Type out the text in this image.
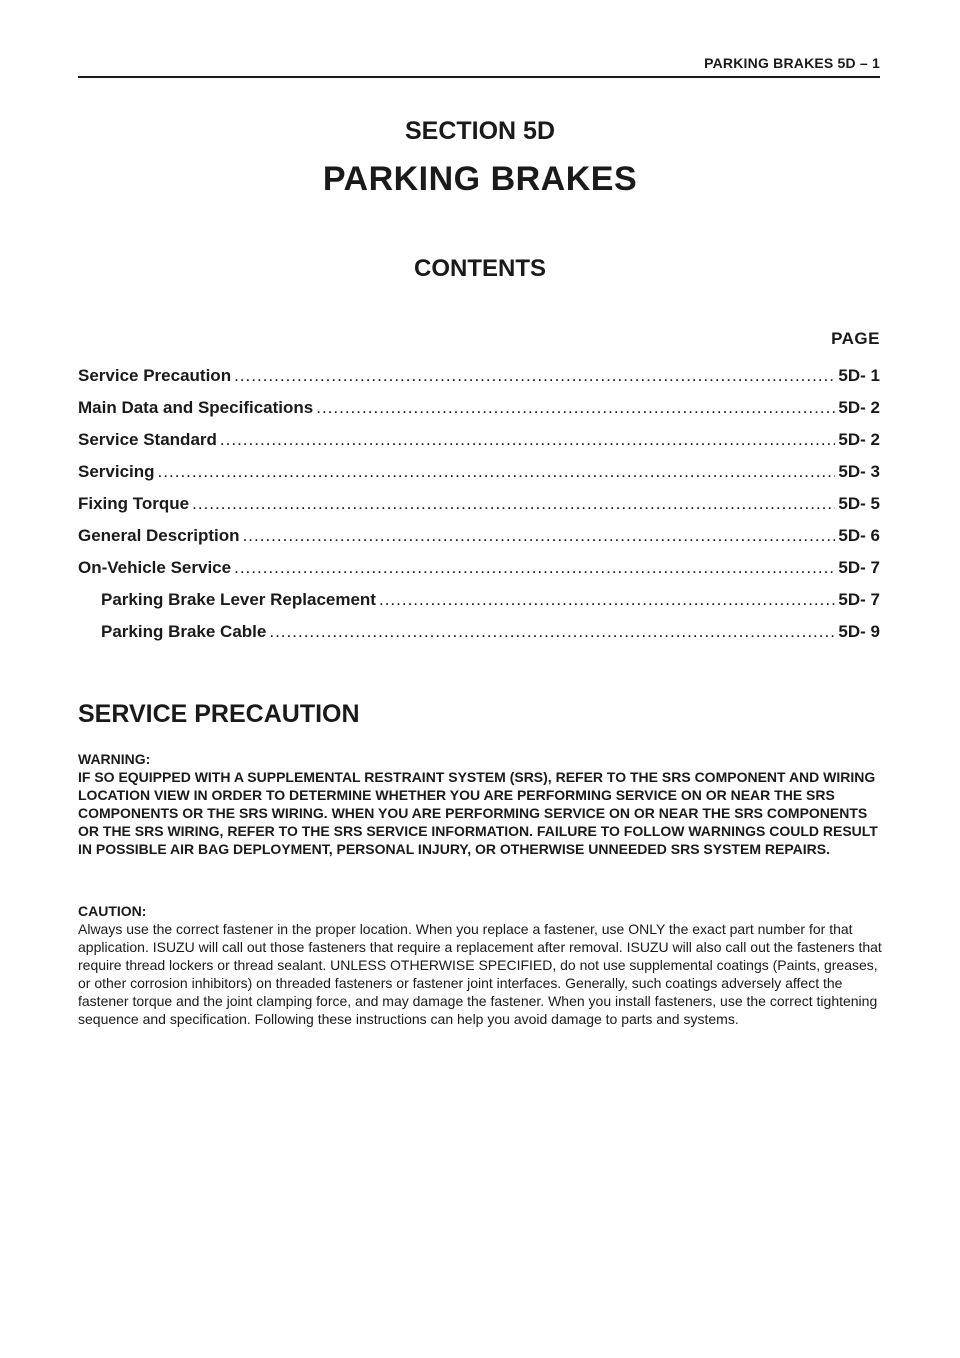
PARKING BRAKES 5D – 1
SECTION 5D
PARKING BRAKES
CONTENTS
PAGE
Service Precaution .....	5D- 1
Main Data and Specifications .....	5D- 2
Service Standard .....	5D- 2
Servicing .....	5D- 3
Fixing Torque .....	5D- 5
General Description .....	5D- 6
On-Vehicle Service .....	5D- 7
Parking Brake Lever Replacement .....	5D- 7
Parking Brake Cable .....	5D- 9
SERVICE PRECAUTION
WARNING:
IF SO EQUIPPED WITH A SUPPLEMENTAL RESTRAINT SYSTEM (SRS), REFER TO THE SRS COMPONENT AND WIRING LOCATION VIEW IN ORDER TO DETERMINE WHETHER YOU ARE PERFORMING SERVICE ON OR NEAR THE SRS COMPONENTS OR THE SRS WIRING. WHEN YOU ARE PERFORMING SERVICE ON OR NEAR THE SRS COMPONENTS OR THE SRS WIRING, REFER TO THE SRS SERVICE INFORMATION. FAILURE TO FOLLOW WARNINGS COULD RESULT IN POSSIBLE AIR BAG DEPLOYMENT, PERSONAL INJURY, OR OTHERWISE UNNEEDED SRS SYSTEM REPAIRS.
CAUTION:
Always use the correct fastener in the proper location. When you replace a fastener, use ONLY the exact part number for that application. ISUZU will call out those fasteners that require a replacement after removal. ISUZU will also call out the fasteners that require thread lockers or thread sealant. UNLESS OTHERWISE SPECIFIED, do not use supplemental coatings (Paints, greases, or other corrosion inhibitors) on threaded fasteners or fastener joint interfaces. Generally, such coatings adversely affect the fastener torque and the joint clamping force, and may damage the fastener. When you install fasteners, use the correct tightening sequence and specification. Following these instructions can help you avoid damage to parts and systems.
